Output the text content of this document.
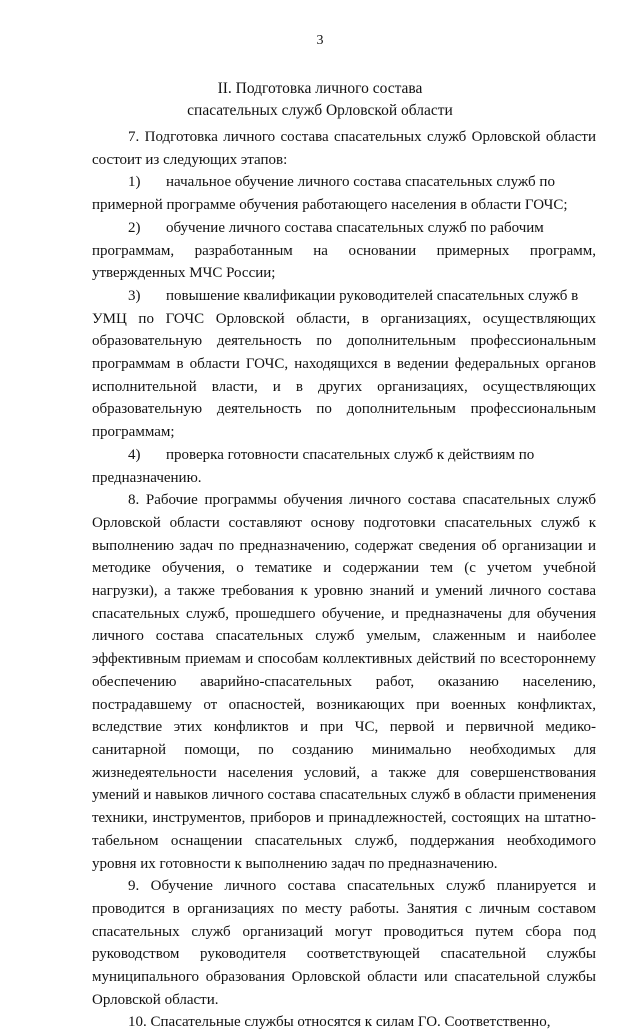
3
II. Подготовка личного состава
спасательных служб Орловской области

7. Подготовка личного состава спасательных служб Орловской области состоит из следующих этапов:

1)	начальное обучение личного состава спасательных служб по

примерной программе обучения работающего населения в области ГОЧС;

2)	обучение личного состава спасательных служб по рабочим

программам, разработанным на основании примерных программ, утвержденных МЧС России;

3)	повышение квалификации руководителей спасательных служб в

УМЦ по ГОЧС Орловской области, в организациях, осуществляющих образовательную деятельность по дополнительным профессиональным программам в области ГОЧС, находящихся в ведении федеральных органов исполнительной власти, и в других организациях, осуществляющих образовательную деятельность по дополнительным профессиональным программам;

4)	проверка готовности спасательных служб к действиям по

предназначению.

8. Рабочие программы обучения личного состава спасательных служб Орловской области составляют основу подготовки спасательных служб к выполнению задач по предназначению, содержат сведения об организации и методике обучения, о тематике и содержании тем (с учетом учебной нагрузки), а также требования к уровню знаний и умений личного состава спасательных служб, прошедшего обучение, и предназначены для обучения личного состава спасательных служб умелым, слаженным и наиболее эффективным приемам и способам коллективных действий по всестороннему обеспечению аварийно-спасательных работ, оказанию населению, пострадавшему от опасностей, возникающих при военных конфликтах, вследствие этих конфликтов и при ЧС, первой и первичной медико-санитарной помощи, по созданию минимально необходимых для жизнедеятельности населения условий, а также для совершенствования умений и навыков личного состава спасательных служб в области применения техники, инструментов, приборов и принадлежностей, состоящих на штатно-табельном оснащении спасательных служб, поддержания необходимого уровня их готовности к выполнению задач по предназначению.

9. Обучение личного состава спасательных служб планируется и проводится в организациях по месту работы. Занятия с личным составом спасательных служб организаций могут проводиться путем сбора под руководством руководителя соответствующей спасательной службы муниципального образования Орловской области или спасательной службы Орловской области.

10. Спасательные службы относятся к силам ГО. Соответственно,
